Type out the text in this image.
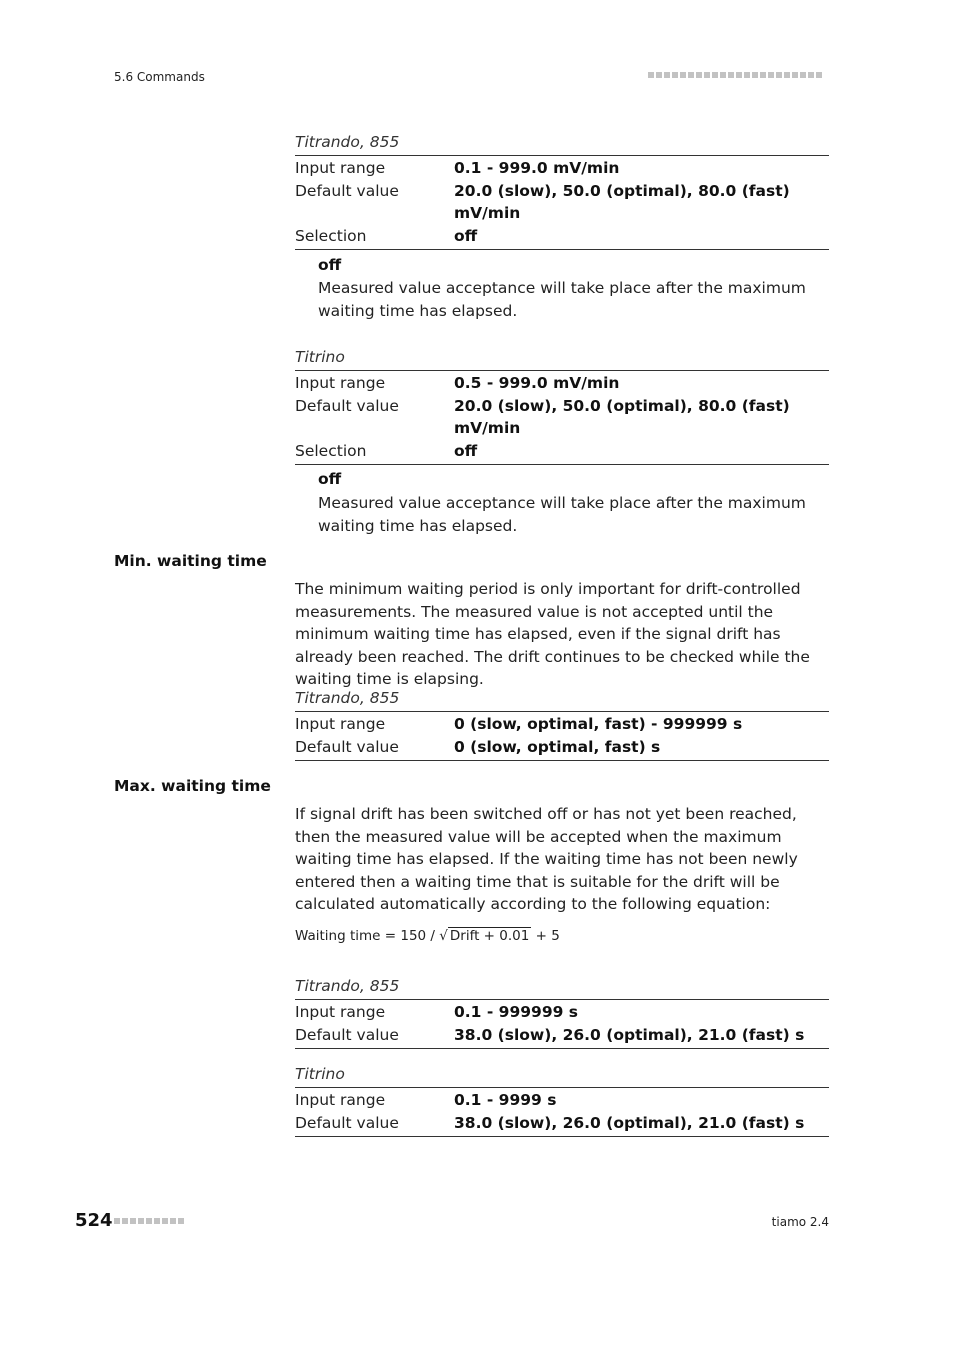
5.6 Commands
Titrando, 855
Input range	0.1 - 999.0 mV/min
Default value	20.0 (slow), 50.0 (optimal), 80.0 (fast) mV/min
Selection	off
off
Measured value acceptance will take place after the maximum waiting time has elapsed.
Titrino
Input range	0.5 - 999.0 mV/min
Default value	20.0 (slow), 50.0 (optimal), 80.0 (fast) mV/min
Selection	off
off
Measured value acceptance will take place after the maximum waiting time has elapsed.
Min. waiting time
The minimum waiting period is only important for drift-controlled measurements. The measured value is not accepted until the minimum waiting time has elapsed, even if the signal drift has already been reached. The drift continues to be checked while the waiting time is elapsing.
Titrando, 855
Input range	0 (slow, optimal, fast) - 999999 s
Default value	0 (slow, optimal, fast) s
Max. waiting time
If signal drift has been switched off or has not yet been reached, then the measured value will be accepted when the maximum waiting time has elapsed. If the waiting time has not been newly entered then a waiting time that is suitable for the drift will be calculated automatically according to the following equation:
Waiting time = 150 / √ Drift + 0.01 + 5
Titrando, 855
Input range	0.1 - 999999 s
Default value	38.0 (slow), 26.0 (optimal), 21.0 (fast) s
Titrino
Input range	0.1 - 9999 s
Default value	38.0 (slow), 26.0 (optimal), 21.0 (fast) s
524	tiamo 2.4
